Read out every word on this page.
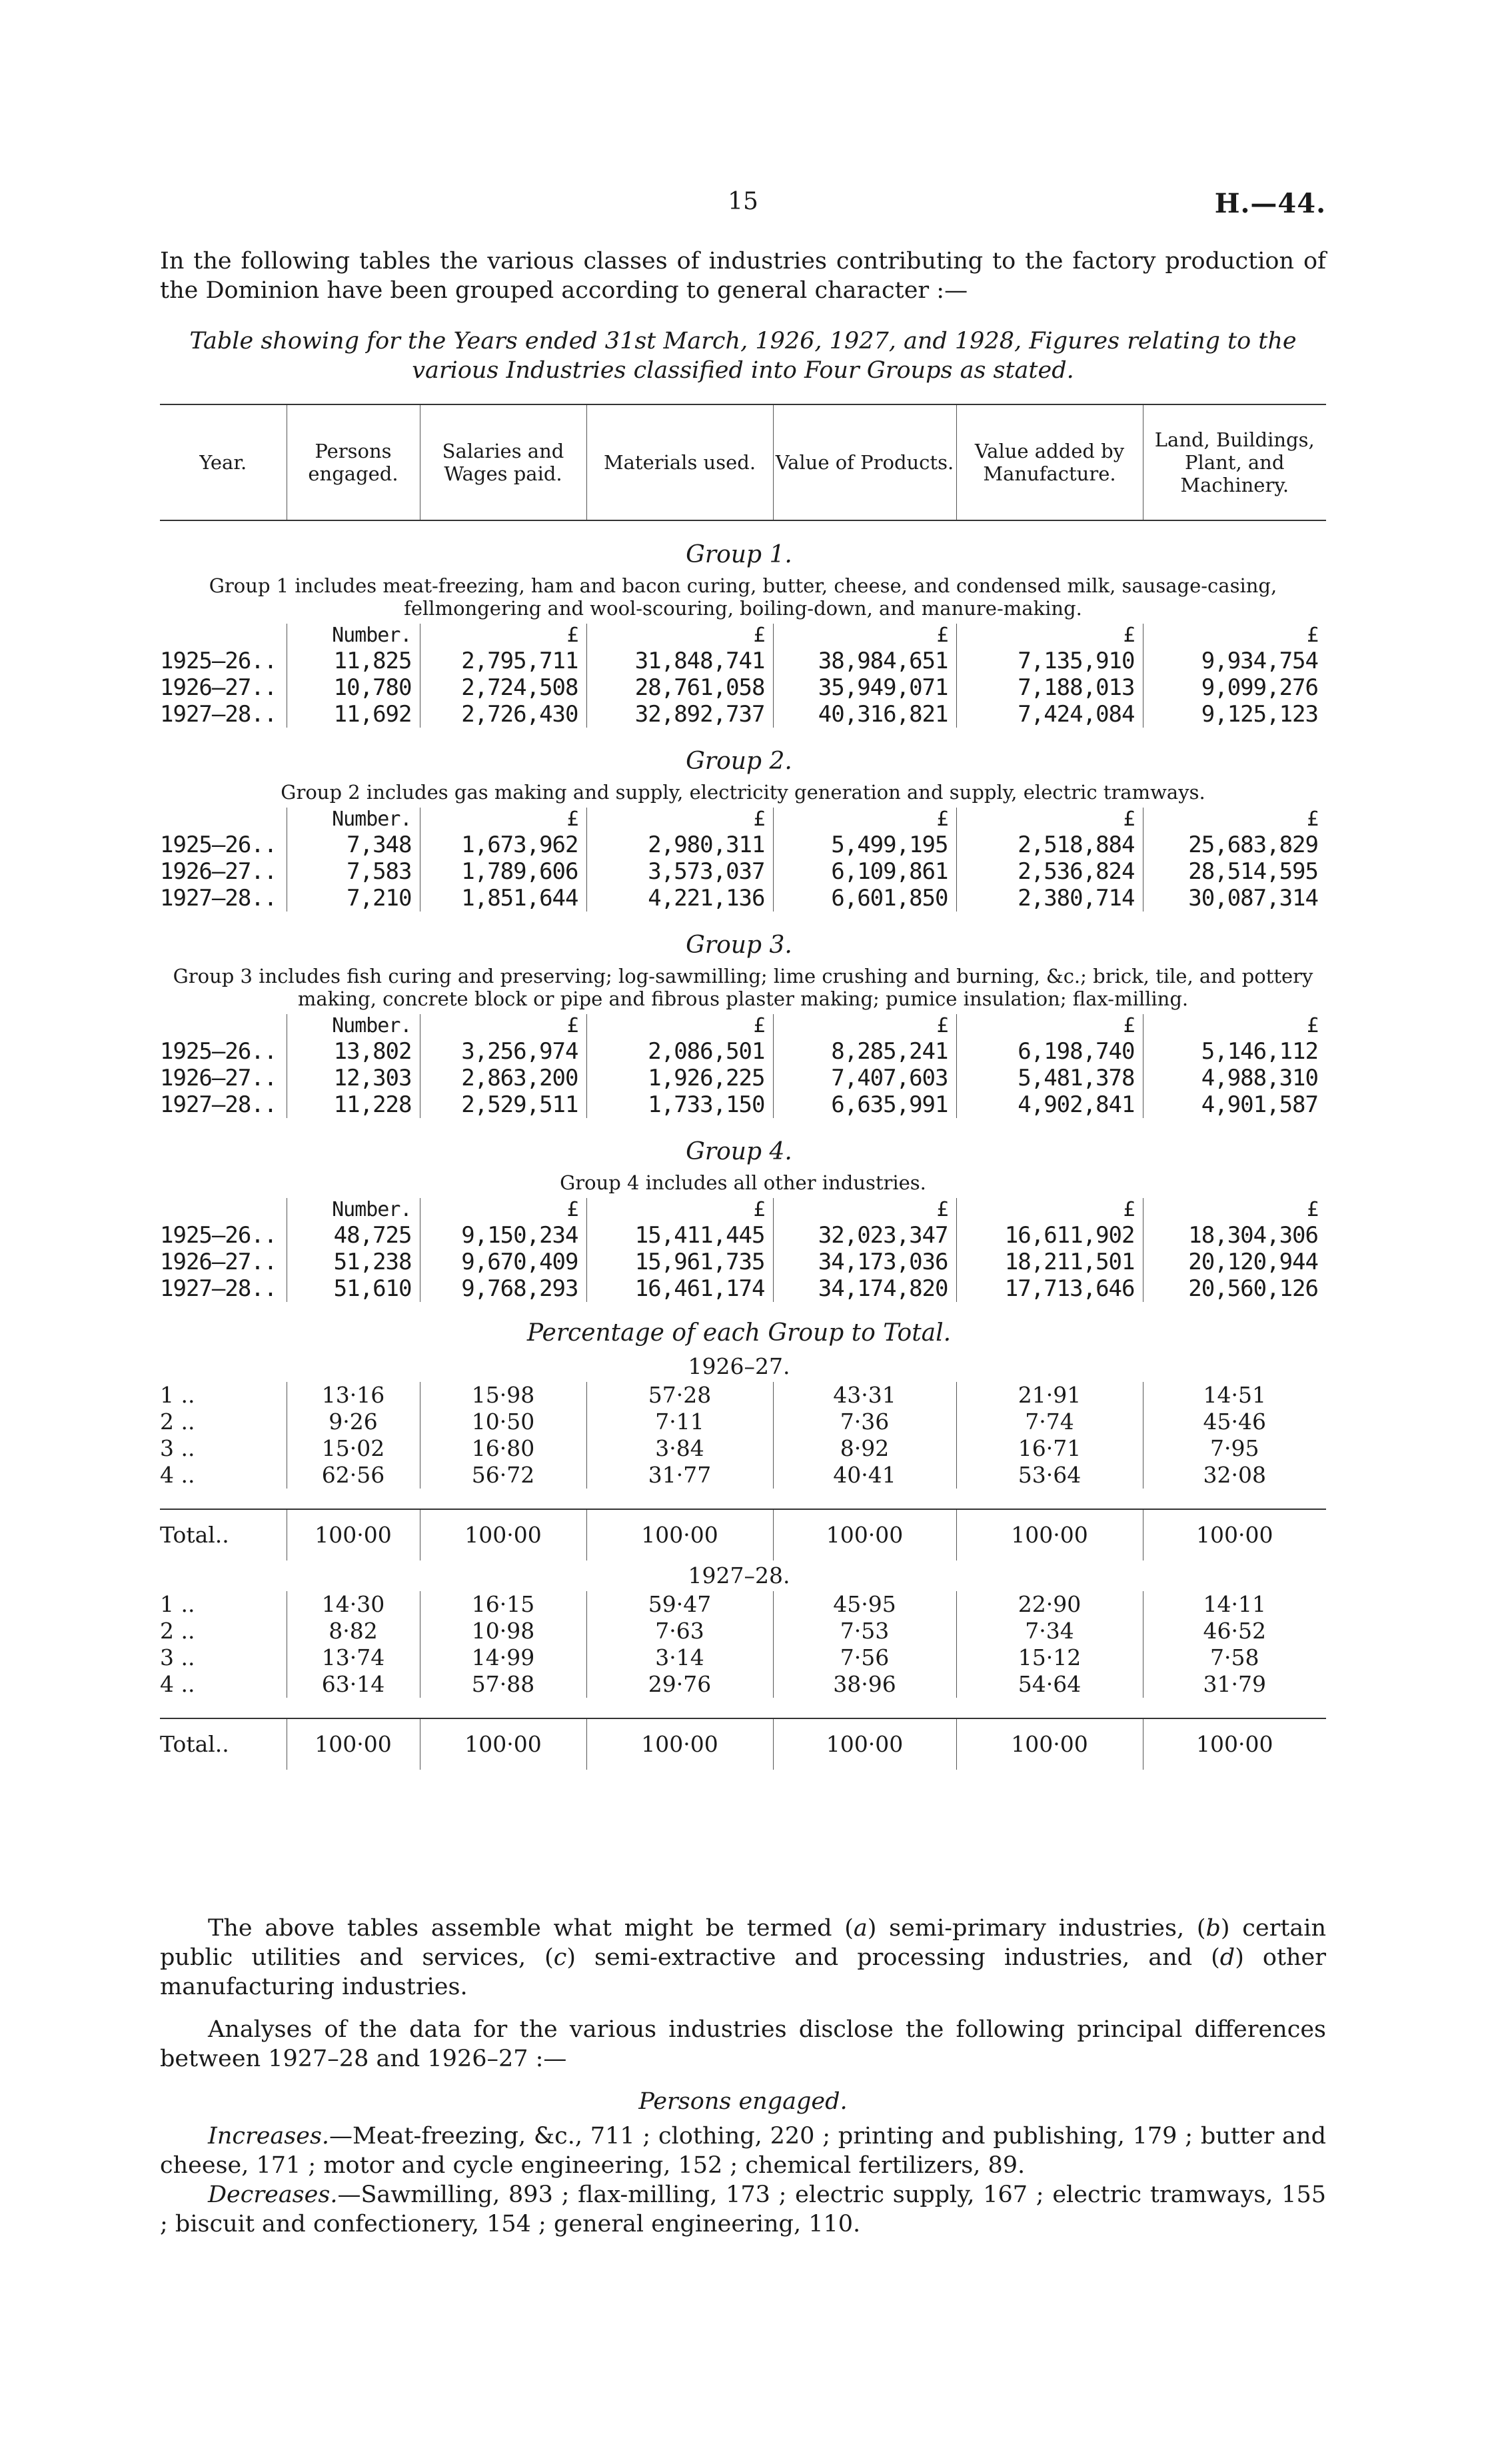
15	H.—44.
In the following tables the various classes of industries contributing to the factory production of the Dominion have been grouped according to general character :—
Table showing for the Years ended 31st March, 1926, 1927, and 1928, Figures relating to the various Industries classified into Four Groups as stated.
Year.	Persons engaged.	Salaries and Wages paid.	Materials used.	Value of Products.	Value added by Manufacture.	Land, Buildings, Plant, and Machinery.
Group 1.						
Group 1 includes meat-freezing, ham and bacon curing, butter, cheese, and condensed milk, sausage-casing, fellmongering and wool-scouring, boiling-down, and manure-making.						
	Number.	£	£	£	£	£
1925–26..	11,825	2,795,711	31,848,741	38,984,651	7,135,910	9,934,754
1926–27..	10,780	2,724,508	28,761,058	35,949,071	7,188,013	9,099,276
1927–28..	11,692	2,726,430	32,892,737	40,316,821	7,424,084	9,125,123
Group 2.						
Group 2 includes gas making and supply, electricity generation and supply, electric tramways.						
	Number.	£	£	£	£	£
1925–26..	7,348	1,673,962	2,980,311	5,499,195	2,518,884	25,683,829
1926–27..	7,583	1,789,606	3,573,037	6,109,861	2,536,824	28,514,595
1927–28..	7,210	1,851,644	4,221,136	6,601,850	2,380,714	30,087,314
Group 3.						
Group 3 includes fish curing and preserving; log-sawmilling; lime crushing and burning, &c.; brick, tile, and pottery making, concrete block or pipe and fibrous plaster making; pumice insulation; flax-milling.						
	Number.	£	£	£	£	£
1925–26..	13,802	3,256,974	2,086,501	8,285,241	6,198,740	5,146,112
1926–27..	12,303	2,863,200	1,926,225	7,407,603	5,481,378	4,988,310
1927–28..	11,228	2,529,511	1,733,150	6,635,991	4,902,841	4,901,587
Group 4.						
Group 4 includes all other industries.						
	Number.	£	£	£	£	£
1925–26..	48,725	9,150,234	15,411,445	32,023,347	16,611,902	18,304,306
1926–27..	51,238	9,670,409	15,961,735	34,173,036	18,211,501	20,120,944
1927–28..	51,610	9,768,293	16,461,174	34,174,820	17,713,646	20,560,126
Percentage of each Group to Total.						
1926–27.						
1 ..	13·16	15·98	57·28	43·31	21·91	14·51
2 ..	9·26	10·50	7·11	7·36	7·74	45·46
3 ..	15·02	16·80	3·84	8·92	16·71	7·95
4 ..	62·56	56·72	31·77	40·41	53·64	32·08

Total..	100·00	100·00	100·00	100·00	100·00	100·00
1927–28.						
1 ..	14·30	16·15	59·47	45·95	22·90	14·11
2 ..	8·82	10·98	7·63	7·53	7·34	46·52
3 ..	13·74	14·99	3·14	7·56	15·12	7·58
4 ..	63·14	57·88	29·76	38·96	54·64	31·79

Total..	100·00	100·00	100·00	100·00	100·00	100·00

The above tables assemble what might be termed (a) semi-primary industries, (b) certain public utilities and services, (c) semi-extractive and processing industries, and (d) other manufacturing industries.

Analyses of the data for the various industries disclose the following principal differences between 1927–28 and 1926–27 :—

Persons engaged.

Increases.—Meat-freezing, &c., 711 ; clothing, 220 ; printing and publishing, 179 ; butter and cheese, 171 ; motor and cycle engineering, 152 ; chemical fertilizers, 89.

Decreases.—Sawmilling, 893 ; flax-milling, 173 ; electric supply, 167 ; electric tramways, 155 ; biscuit and confectionery, 154 ; general engineering, 110.
